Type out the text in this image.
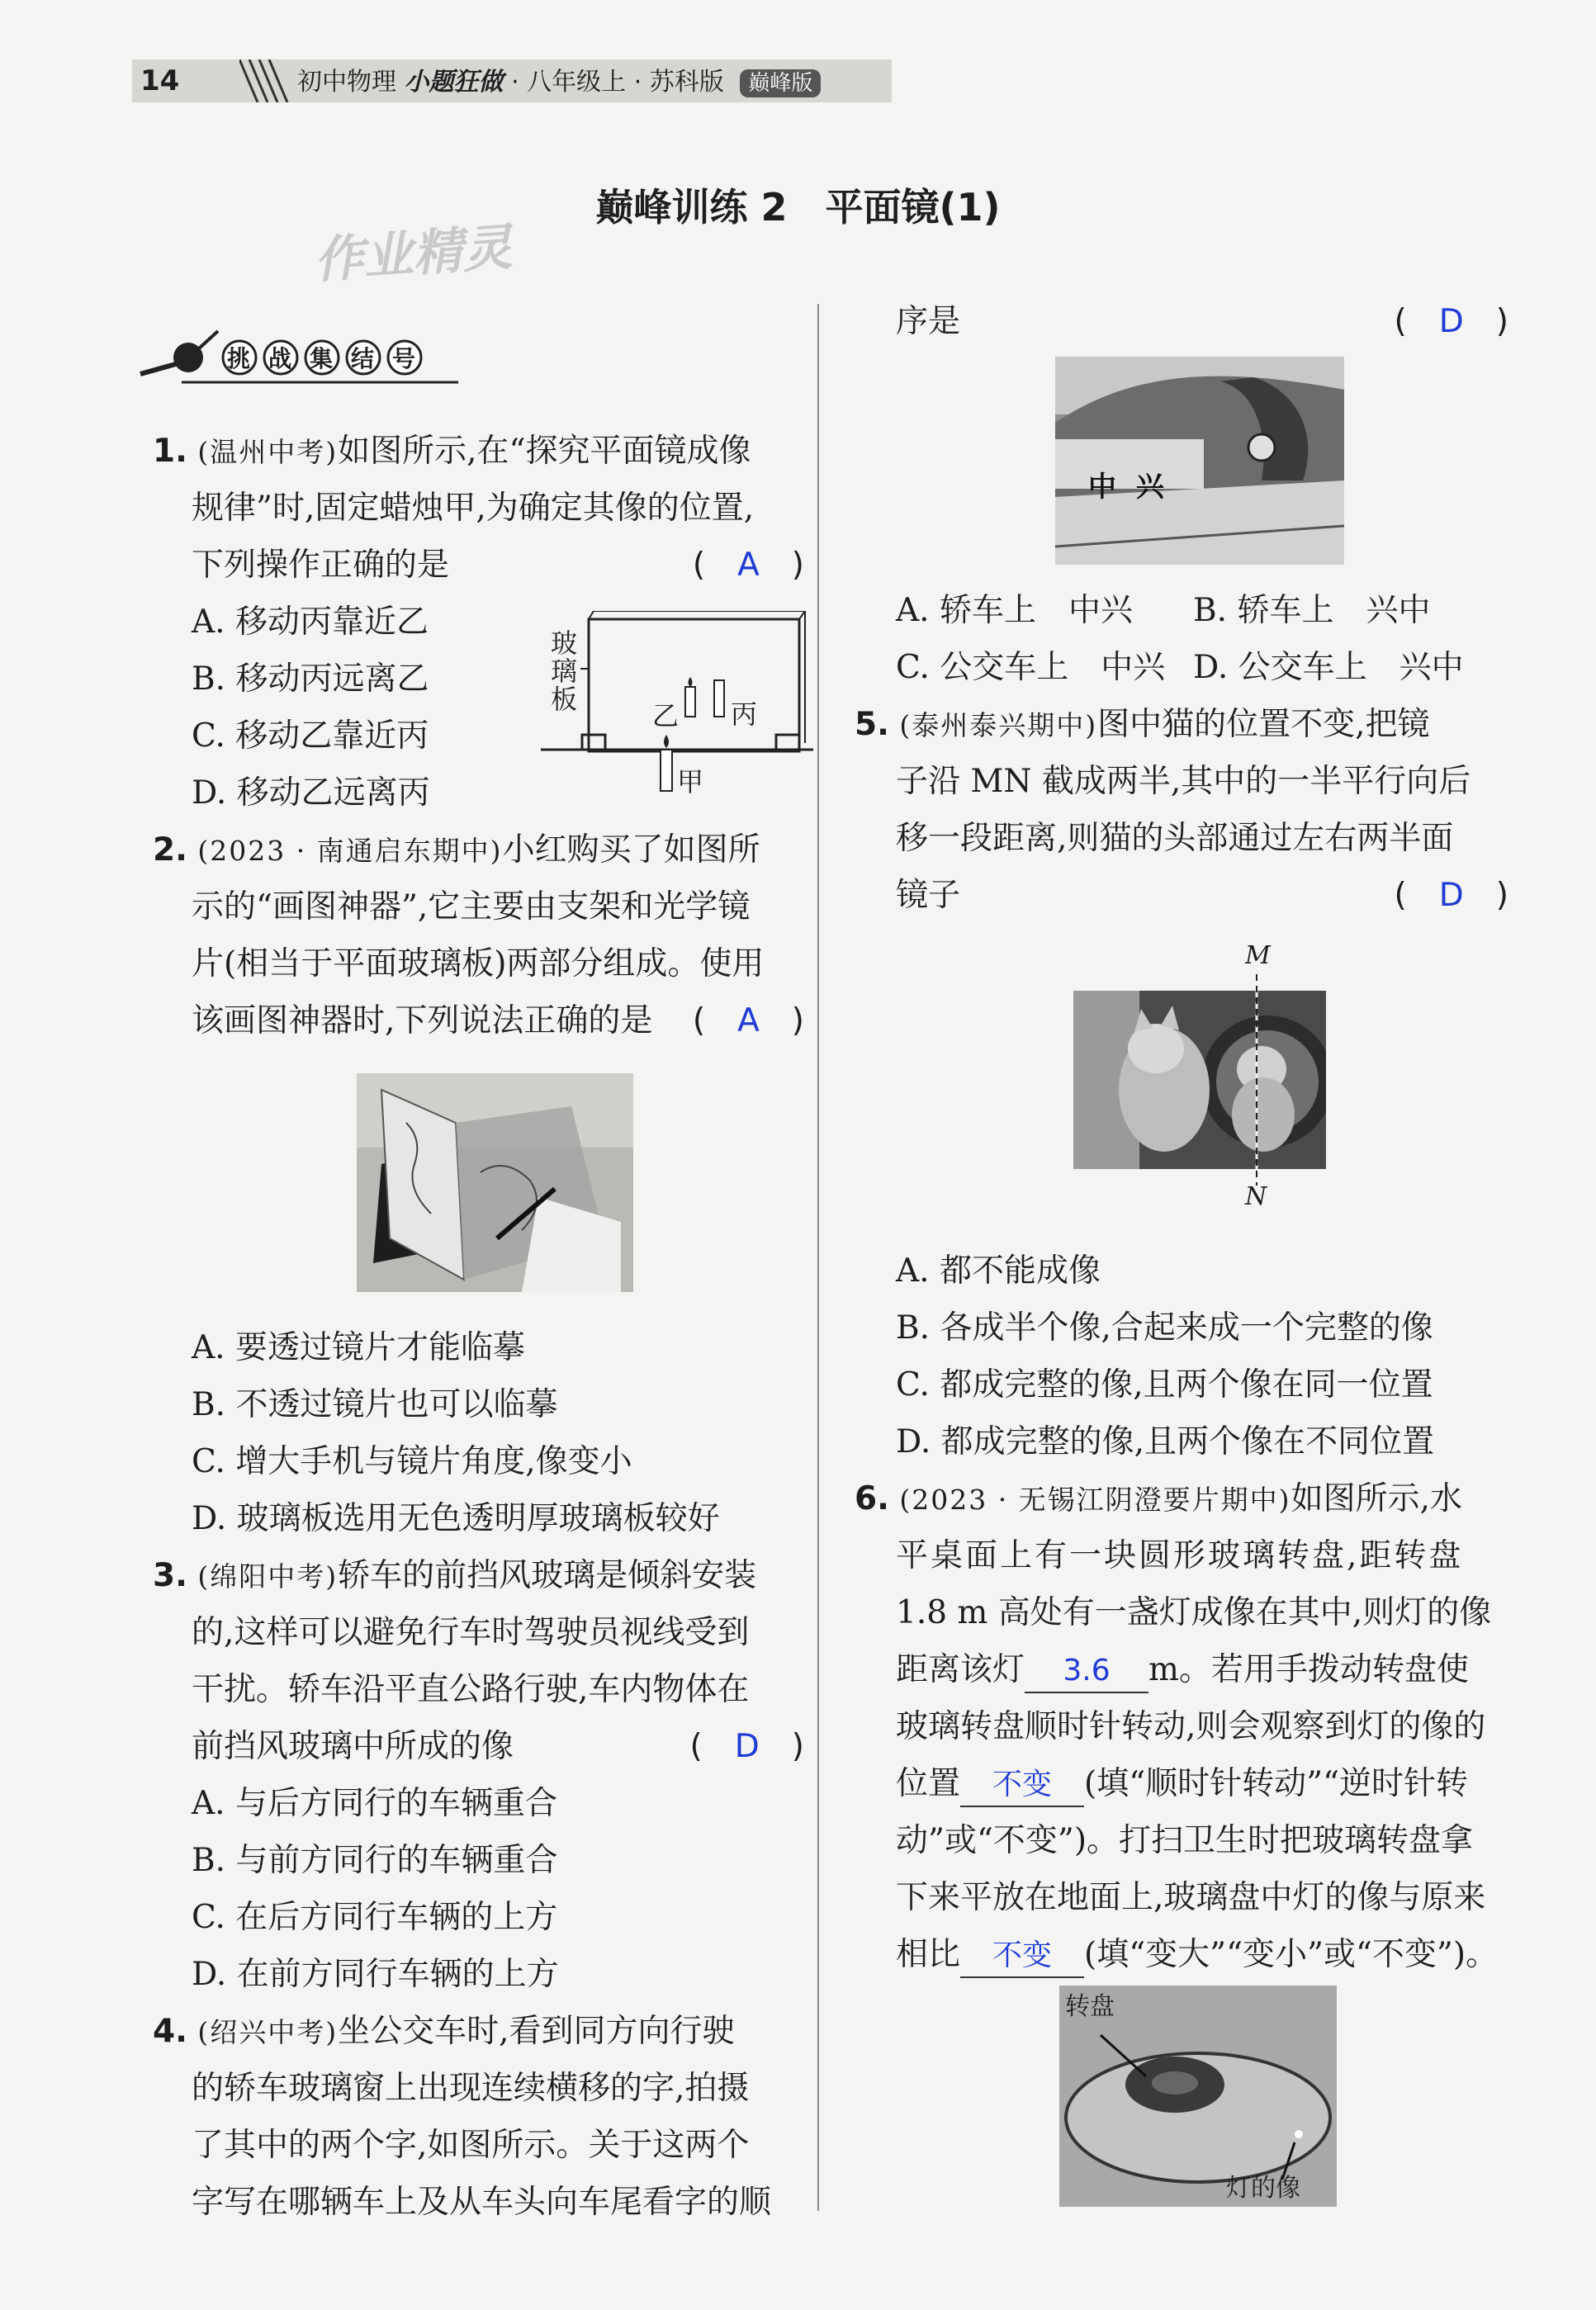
14	初中物理 小题狂做 · 八年级上 · 苏科版 巅峰版
巅峰训练 2　平面镜(1)
作业精灵
挑战集结号
1. (温州中考)如图所示,在“探究平面镜成像
规律”时,固定蜡烛甲,为确定其像的位置,
下列操作正确的是	(　A　)
A. 移动丙靠近乙
B. 移动丙远离乙
C. 移动乙靠近丙
D. 移动乙远离丙
玻
璃
板
乙 丙
甲
2. (2023 · 南通启东期中)小红购买了如图所
示的“画图神器”,它主要由支架和光学镜
片(相当于平面玻璃板)两部分组成。使用
该画图神器时,下列说法正确的是 (　A　)
A. 要透过镜片才能临摹
B. 不透过镜片也可以临摹
C. 增大手机与镜片角度,像变小
D. 玻璃板选用无色透明厚玻璃板较好
3. (绵阳中考)轿车的前挡风玻璃是倾斜安装
的,这样可以避免行车时驾驶员视线受到
干扰。轿车沿平直公路行驶,车内物体在
前挡风玻璃中所成的像	(　D　)
A. 与后方同行的车辆重合
B. 与前方同行的车辆重合
C. 在后方同行车辆的上方
D. 在前方同行车辆的上方
4. (绍兴中考)坐公交车时,看到同方向行驶
的轿车玻璃窗上出现连续横移的字,拍摄
了其中的两个字,如图所示。关于这两个
字写在哪辆车上及从车头向车尾看字的顺
序是	(　D　)
中 兴
A. 轿车上　中兴 B. 轿车上　兴中
C. 公交车上　中兴 D. 公交车上　兴中
5. (泰州泰兴期中)图中猫的位置不变,把镜
子沿 MN 截成两半,其中的一半平行向后
移一段距离,则猫的头部通过左右两半面
镜子	(　D　)
M
N
A. 都不能成像
B. 各成半个像,合起来成一个完整的像
C. 都成完整的像,且两个像在同一位置
D. 都成完整的像,且两个像在不同位置
6. (2023 · 无锡江阴澄要片期中)如图所示,水
平桌面上有一块圆形玻璃转盘,距转盘
1.8 m 高处有一盏灯成像在其中,则灯的像
距离该灯 3.6 m。若用手拨动转盘使
玻璃转盘顺时针转动,则会观察到灯的像的
位置 不变 (填“顺时针转动”“逆时针转
动”或“不变”)。打扫卫生时把玻璃转盘拿
下来平放在地面上,玻璃盘中灯的像与原来
相比 不变 (填“变大”“变小”或“不变”)。
转盘
灯的像
